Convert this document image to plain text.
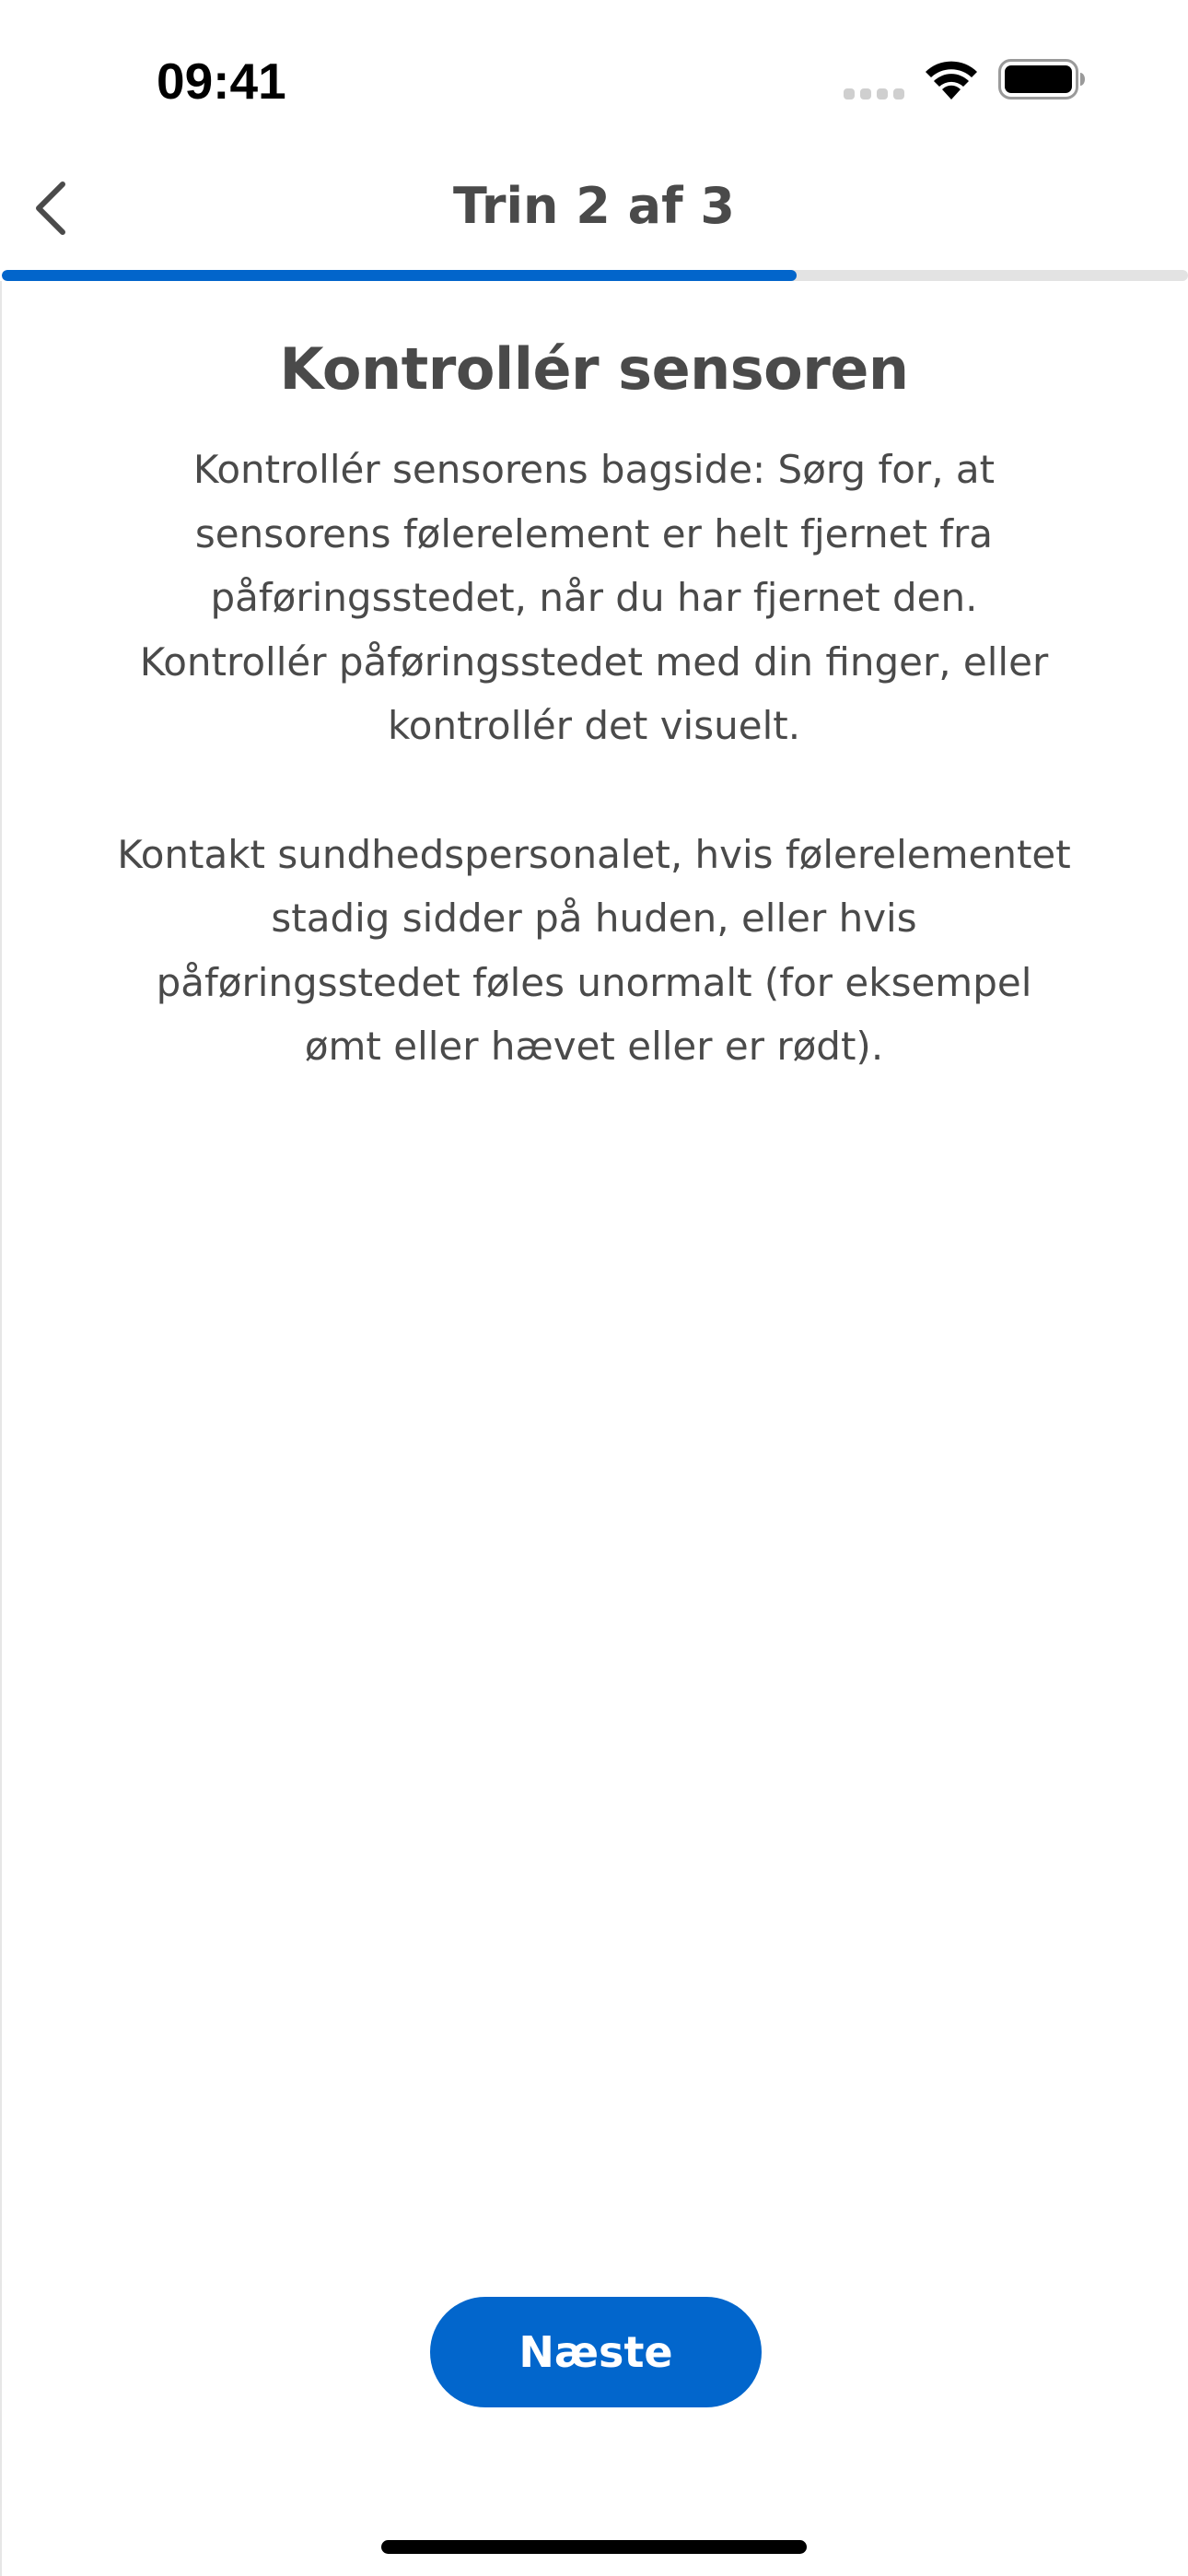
09:41
Trin 2 af 3
Kontrollér sensoren
Kontrollér sensorens bagside: Sørg for, at
sensorens følerelement er helt fjernet fra
påføringsstedet, når du har fjernet den.
Kontrollér påføringsstedet med din finger, eller
kontrollér det visuelt.
Kontakt sundhedspersonalet, hvis følerelementet
stadig sidder på huden, eller hvis
påføringsstedet føles unormalt (for eksempel
ømt eller hævet eller er rødt).
Næste
